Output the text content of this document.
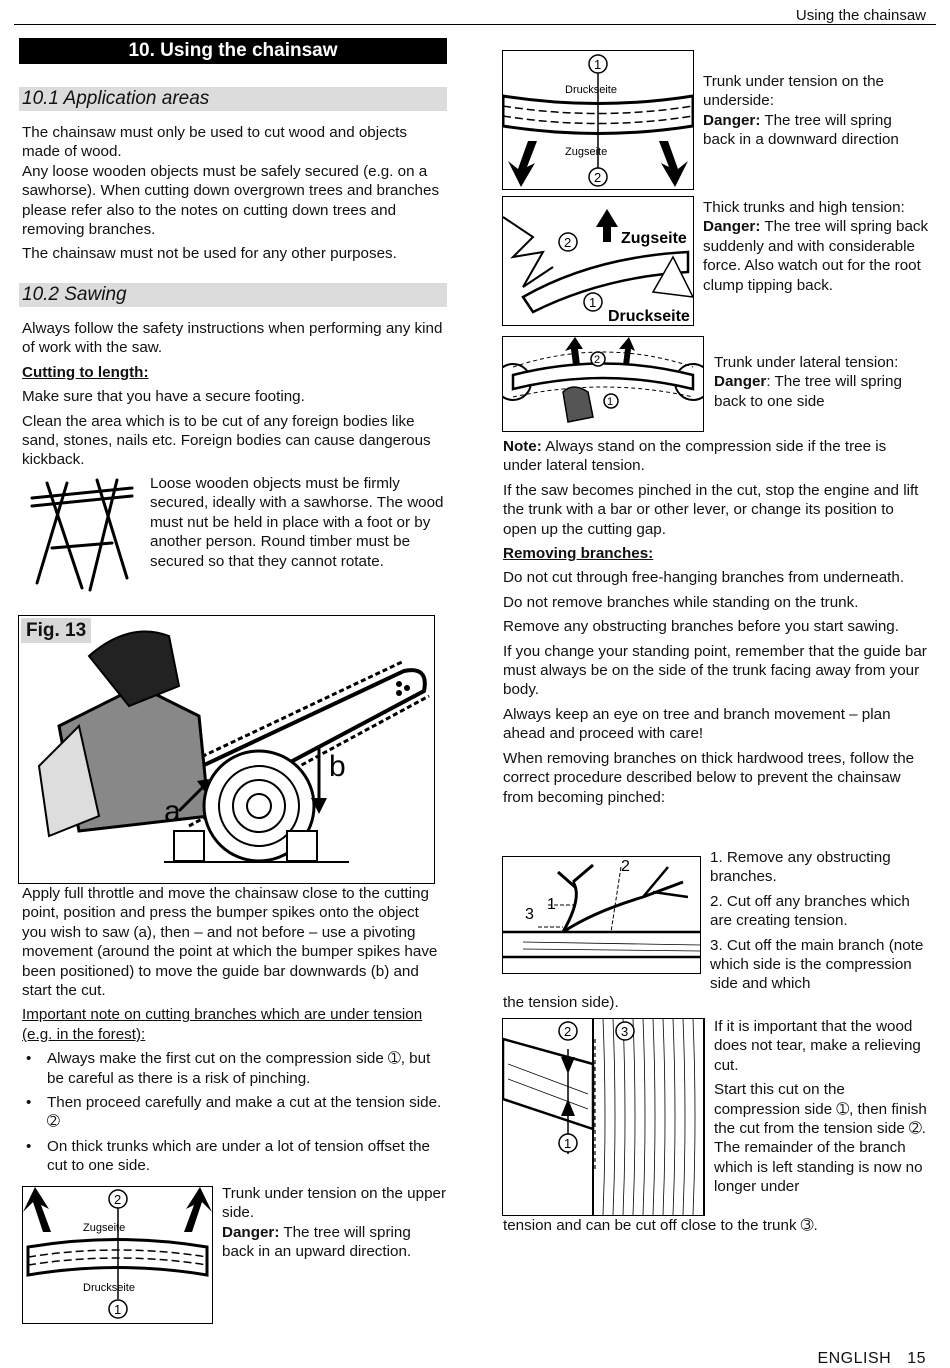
Using the chainsaw
10. Using the chainsaw
10.1 Application areas

The chainsaw must only be used to cut wood and objects made of wood.

Any loose wooden objects must be safely secured (e.g. on a sawhorse). When cutting down overgrown trees and branches please refer also to the notes on cutting down trees and removing branches.

The chainsaw must not be used for any other purposes.

10.2 Sawing

Always follow the safety instructions when performing any kind of work with the saw.

Cutting to length:

Make sure that you have a secure footing.

Clean the area which is to be cut of any foreign bodies like sand, stones, nails etc. Foreign bodies can cause dangerous kickback.

Loose wooden objects must be firmly secured, ideally with a sawhorse. The wood must nut be held in place with a foot or by another person. Round timber must be secured so that they cannot rotate.
b
a
Fig. 13

Apply full throttle and move the chainsaw close to the cutting point, position and press the bumper spikes onto the object you wish to saw (a), then – and not before – use a pivoting movement (around the point at which the bumper spikes have been positioned) to move the guide bar downwards (b) and start the cut.

Important note on cutting branches which are under tension (e.g. in the forest):

• Always make the first cut on the compression side ➀, but be careful as there is a risk of pinching.
• Then proceed carefully and make a cut at the tension side. ➁
• On thick trunks which are under a lot of tension offset the cut to one side.
2
1
Zugseite
Druckseite

Trunk under tension on the upper side.

Danger: The tree will spring back in an upward direction.

1
2
Druckseite
Zugseite

Trunk under tension on the underside:

Danger: The tree will spring back in a downward direction

2
1
Zugseite
Druckseite

Thick trunks and high tension:

Danger: The tree will spring back suddenly and with considerable force. Also watch out for the root clump tipping back.

2
1

Trunk under lateral tension:

Danger: The tree will spring back to one side

Note: Always stand on the compression side if the tree is under lateral tension.

If the saw becomes pinched in the cut, stop the engine and lift the trunk with a bar or other lever, or change its position to open up the cutting gap.

Removing branches:

Do not cut through free-hanging branches from underneath.

Do not remove branches while standing on the trunk.

Remove any obstructing branches before you start sawing.

If you change your standing point, remember that the guide bar must always be on the side of the trunk facing away from your body.

Always keep an eye on tree and branch movement – plan ahead and proceed with care!

When removing branches on thick hardwood trees, follow the correct procedure described below to prevent the chainsaw from becoming pinched:

2
1
3

1. Remove any obstructing branches.

2. Cut off any branches which are creating tension.

3. Cut off the main branch (note which side is the compression side and which

the tension side).
2	3
1

If it is important that the wood does not tear, make a relieving cut.

Start this cut on the compression side ➀, then finish the cut from the tension side ➁.

The remainder of the branch which is left standing is now no longer under

tension and can be cut off close to the trunk ➂.
ENGLISH 15
